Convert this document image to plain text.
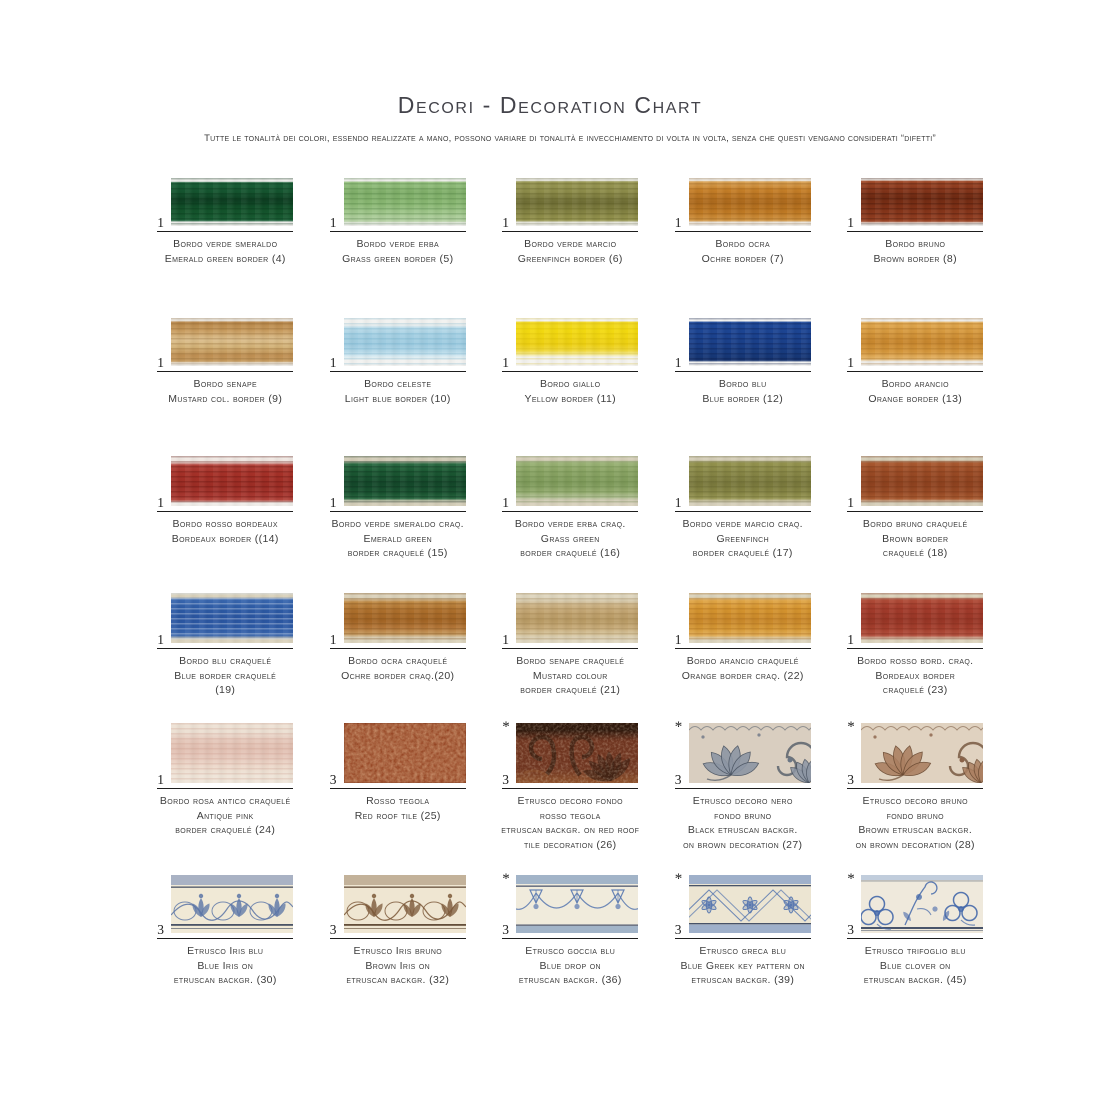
Decori - Decoration Chart

Tutte le tonalità dei colori, essendo realizzate a mano, possono variare di tonalità e invecchiamento di volta in volta, senza che questi vengano considerati “difetti”

1
Bordo verde smeraldo
Emerald green border (4)
1
Bordo verde erba
Grass green border (5)
1
Bordo verde marcio
Greenfinch border (6)
1
Bordo ocra
Ochre border (7)
1
Bordo bruno
Brown border (8)
1
Bordo senape
Mustard col. border (9)
1
Bordo celeste
Light blue border (10)
1
Bordo giallo
Yellow border (11)
1
Bordo blu
Blue border (12)
1
Bordo arancio
Orange border (13)
1
Bordo rosso bordeaux
Bordeaux border ((14)
1
Bordo verde smeraldo craq.
Emerald green
border craquelé (15)
1
Bordo verde erba craq.
Grass green
border craquelé (16)
1
Bordo verde marcio craq.
Greenfinch
border craquelé (17)
1
Bordo bruno craquelé
Brown border
craquelé (18)
1
Bordo blu craquelé
Blue border craquelé
(19)
1
Bordo ocra craquelé
Ochre border craq.(20)
1
Bordo senape craquelé
Mustard colour
border craquelé (21)
1
Bordo arancio craquelé
Orange border craq. (22)
1
Bordo rosso bord. craq.
Bordeaux border
craquelé (23)
1
Bordo rosa antico craquelé
Antique pink
border craquelé (24)
3
Rosso tegola
Red roof tile (25)
*
3
Etrusco decoro fondo
rosso tegola
etruscan backgr. on red roof
tile decoration (26)
*
3
Etrusco decoro nero
fondo bruno
Black etruscan backgr.
on brown decoration (27)
*
3
Etrusco decoro bruno
fondo bruno
Brown etruscan backgr.
on brown decoration (28)
3
Etrusco Iris blu
Blue Iris on
etruscan backgr. (30)
3
Etrusco Iris bruno
Brown Iris on
etruscan backgr. (32)
*
3
Etrusco goccia blu
Blue drop on
etruscan backgr. (36)
*
3
Etrusco greca blu
Blue Greek key pattern on
etruscan backgr. (39)
*
3
Etrusco trifoglio blu
Blue clover on
etruscan backgr. (45)
